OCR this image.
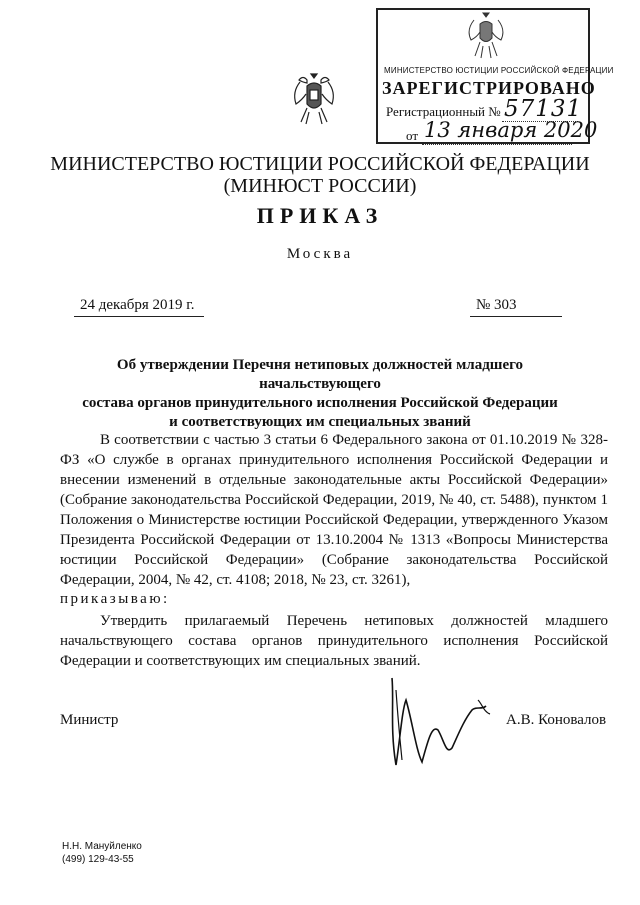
МИНИСТЕРСТВО ЮСТИЦИИ РОССИЙСКОЙ ФЕДЕРАЦИИ
ЗАРЕГИСТРИРОВАНО
Регистрационный № 57131
от 13 января 2020
МИНИСТЕРСТВО ЮСТИЦИИ РОССИЙСКОЙ ФЕДЕРАЦИИ
(МИНЮСТ РОССИИ)
ПРИКАЗ
Москва
24 декабря 2019 г.	№ 303
Об утверждении Перечня нетиповых должностей младшего начальствующего
состава органов принудительного исполнения Российской Федерации
и соответствующих им специальных званий
В соответствии с частью 3 статьи 6 Федерального закона от 01.10.2019 № 328-ФЗ «О службе в органах принудительного исполнения Российской Федерации и внесении изменений в отдельные законодательные акты Российской Федерации» (Собрание законодательства Российской Федерации, 2019, № 40, ст. 5488), пунктом 1 Положения о Министерстве юстиции Российской Федерации, утвержденного Указом Президента Российской Федерации от 13.10.2004 № 1313 «Вопросы Министерства юстиции Российской Федерации» (Собрание законодательства Российской Федерации, 2004, № 42, ст. 4108; 2018, № 23, ст. 3261),
приказываю:
Утвердить прилагаемый Перечень нетиповых должностей младшего начальствующего состава органов принудительного исполнения Российской Федерации и соответствующих им специальных званий.
Министр	А.В. Коновалов
Н.Н. Мануйленко
(499) 129-43-55
